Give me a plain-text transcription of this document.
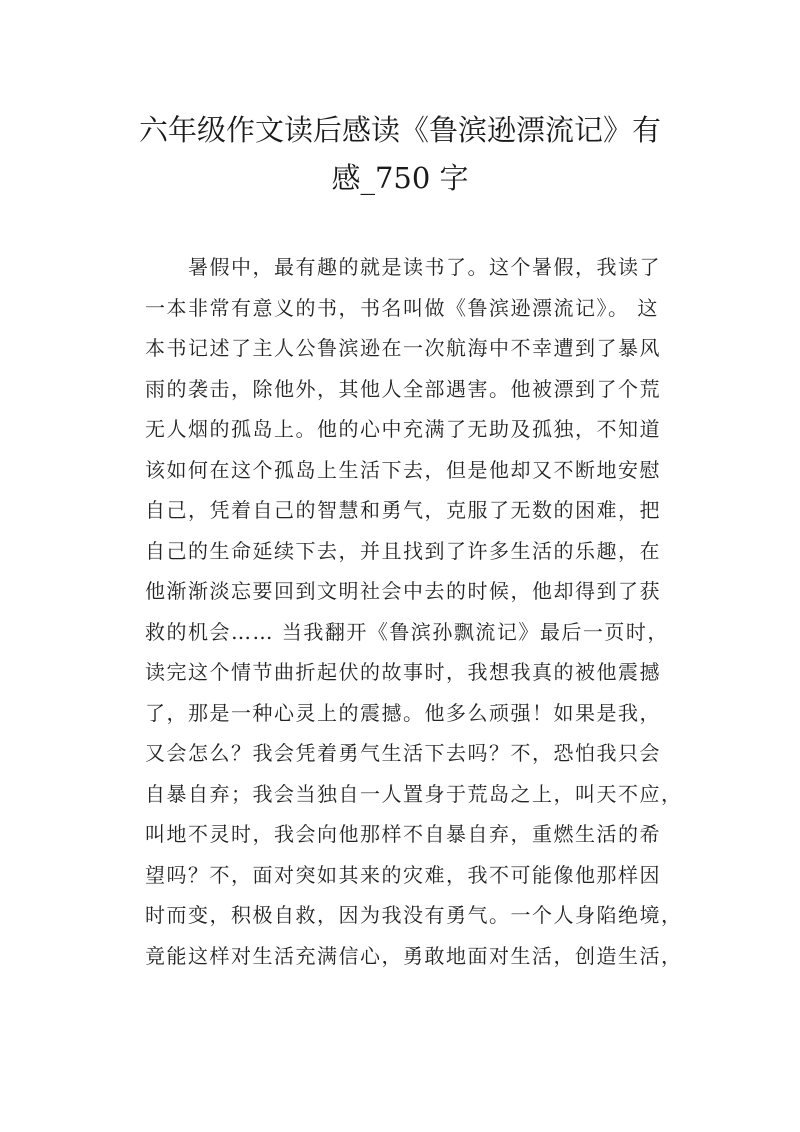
六年级作文读后感读《鲁滨逊漂流记》有
感_750 字
　　暑假中，最有趣的就是读书了。这个暑假，我读了
一本非常有意义的书，书名叫做《鲁滨逊漂流记》。 这
本书记述了主人公鲁滨逊在一次航海中不幸遭到了暴风
雨的袭击，除他外，其他人全部遇害。他被漂到了个荒
无人烟的孤岛上。他的心中充满了无助及孤独，不知道
该如何在这个孤岛上生活下去，但是他却又不断地安慰
自己，凭着自己的智慧和勇气，克服了无数的困难，把
自己的生命延续下去，并且找到了许多生活的乐趣，在
他渐渐淡忘要回到文明社会中去的时候，他却得到了获
救的机会…… 当我翻开《鲁滨孙飘流记》最后一页时，
读完这个情节曲折起伏的故事时，我想我真的被他震撼
了，那是一种心灵上的震撼。他多么顽强！如果是我，
又会怎么？我会凭着勇气生活下去吗？不，恐怕我只会
自暴自弃；我会当独自一人置身于荒岛之上，叫天不应，
叫地不灵时，我会向他那样不自暴自弃，重燃生活的希
望吗？不，面对突如其来的灾难，我不可能像他那样因
时而变，积极自救，因为我没有勇气。一个人身陷绝境，
竟能这样对生活充满信心，勇敢地面对生活，创造生活，
